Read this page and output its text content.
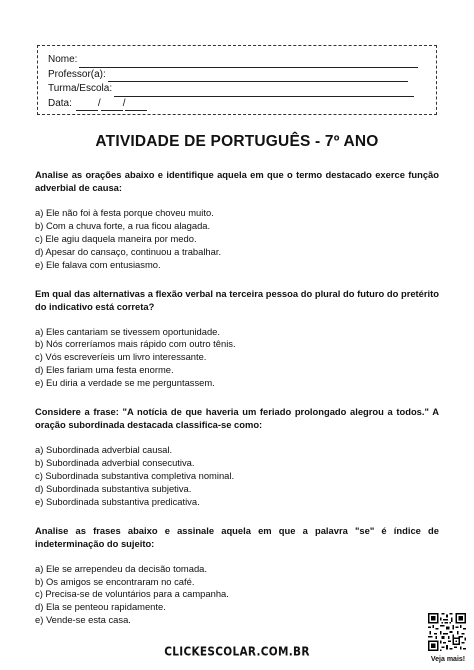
Nome:
Professor(a):
Turma/Escola:
Data:	/ /
ATIVIDADE DE PORTUGUÊS - 7º ANO
Analise as orações abaixo e identifique aquela em que o termo destacado exerce função adverbial de causa:
a) Ele não foi à festa porque choveu muito.
b) Com a chuva forte, a rua ficou alagada.
c) Ele agiu daquela maneira por medo.
d) Apesar do cansaço, continuou a trabalhar.
e) Ele falava com entusiasmo.
Em qual das alternativas a flexão verbal na terceira pessoa do plural do futuro do pretérito do indicativo está correta?
a) Eles cantariam se tivessem oportunidade.
b) Nós correríamos mais rápido com outro tênis.
c) Vós escreveríeis um livro interessante.
d) Eles fariam uma festa enorme.
e) Eu diria a verdade se me perguntassem.
Considere a frase: "A notícia de que haveria um feriado prolongado alegrou a todos." A oração subordinada destacada classifica-se como:
a) Subordinada adverbial causal.
b) Subordinada adverbial consecutiva.
c) Subordinada substantiva completiva nominal.
d) Subordinada substantiva subjetiva.
e) Subordinada substantiva predicativa.
Analise as frases abaixo e assinale aquela em que a palavra "se" é índice de indeterminação do sujeito:
a) Ele se arrependeu da decisão tomada.
b) Os amigos se encontraram no café.
c) Precisa-se de voluntários para a campanha.
d) Ela se penteou rapidamente.
e) Vende-se esta casa.
CLICKESCOLAR.COM.BR
Veja mais!
